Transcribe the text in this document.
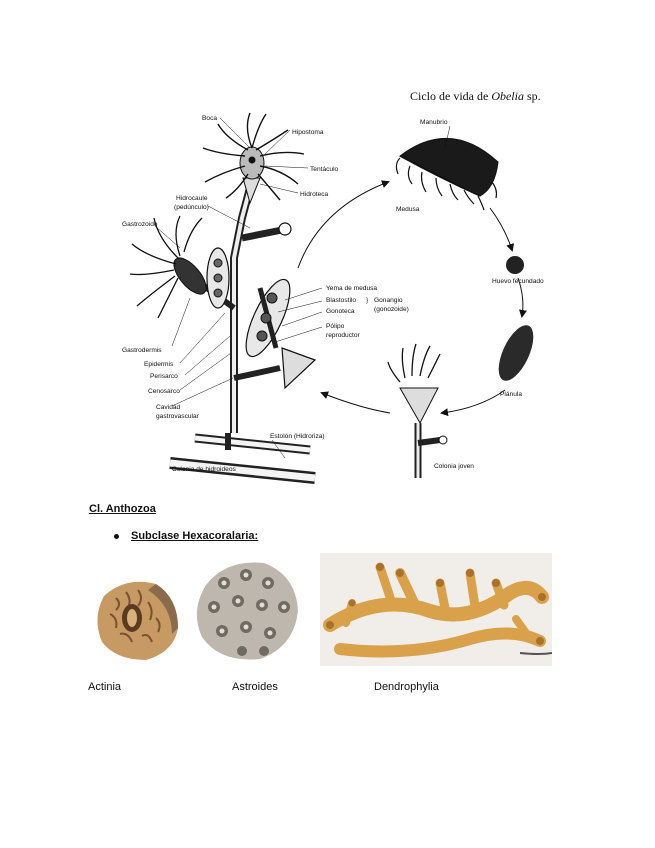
Ciclo de vida de Obelia sp.
Boca
Hipostoma
Tentáculo
Hidroteca
Hidrocaule
(pedúnculo)
Gastrozoide
Yema de medusa
Blastostilo
Gonoteca
} Gonangio
(gonozoide)
Pólipo
reproductor
Gastrodermis
Epidermis
Perisarco
Cenosarco
Cavidad
gastrovascular
Estolón (Hidroriza)
Colonia de hidroideos
Manubrio
Medusa
Huevo fecundado
Plánula
Colonia joven
Cl. Anthozoa
Subclase Hexacoralaria:
Actinia	Astroides	Dendrophylia
